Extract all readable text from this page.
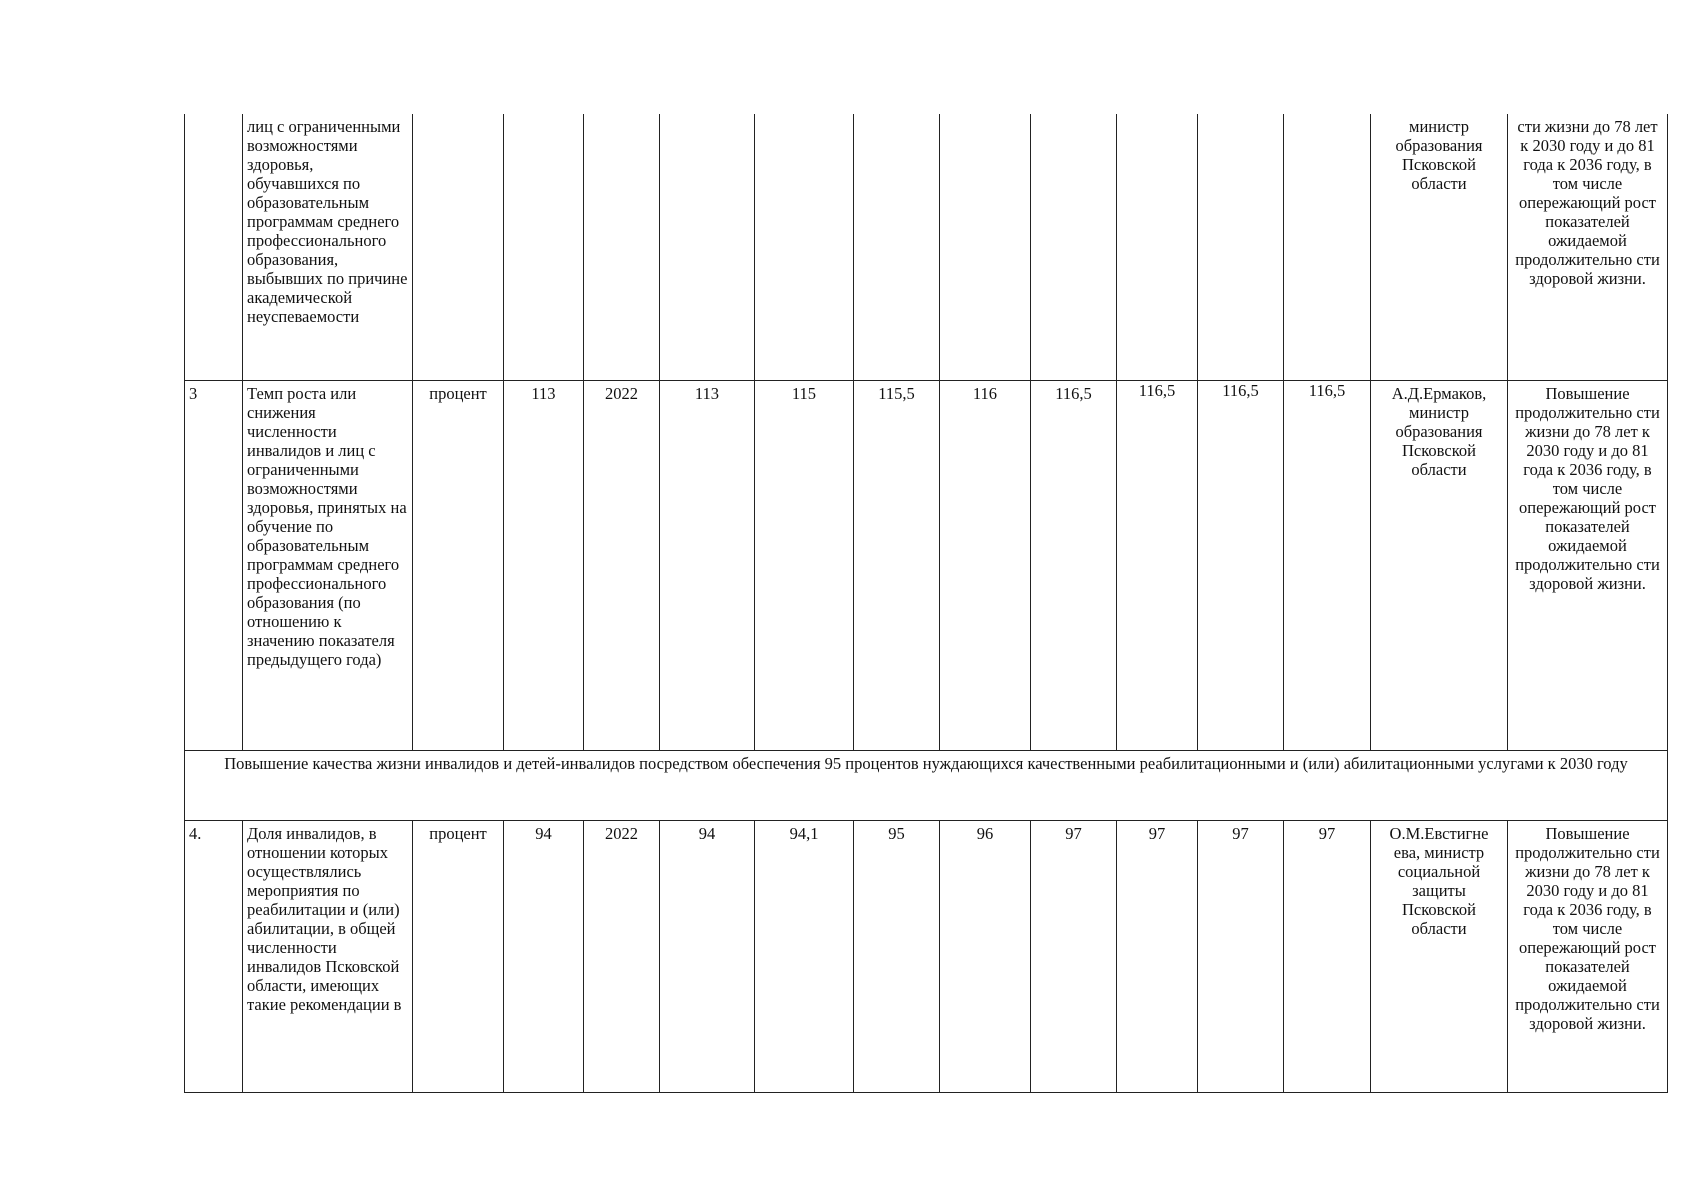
	лиц с ограниченными возможностями здоровья, обучавшихся по образовательным программам среднего профессионального образования, выбывших по причине академической неуспеваемости												министр образования Псковской области	сти жизни до 78 лет к 2030 году и до 81 года к 2036 году, в том числе опережающий рост показателей ожидаемой продолжительно сти здоровой жизни.
3	Темп роста или снижения численности инвалидов и лиц с ограниченными возможностями здоровья, принятых на обучение по образовательным программам среднего профессионального образования (по отношению к значению показателя предыдущего года)	процент	113	2022	113	115	115,5	116	116,5	116,5	116,5	116,5	А.Д.Ермаков, министр образования Псковской области	Повышение продолжительно сти жизни до 78 лет к 2030 году и до 81 года к 2036 году, в том числе опережающий рост показателей ожидаемой продолжительно сти здоровой жизни.
Повышение качества жизни инвалидов и детей-инвалидов посредством обеспечения 95 процентов нуждающихся качественными реабилитационными и (или) абилитационными услугами к 2030 году														
4.	Доля инвалидов, в отношении которых осуществлялись мероприятия по реабилитации и (или) абилитации, в общей численности инвалидов Псковской области, имеющих такие рекомендации в	процент	94	2022	94	94,1	95	96	97	97	97	97	О.М.Евстигне ева, министр социальной защиты Псковской области	Повышение продолжительно сти жизни до 78 лет к 2030 году и до 81 года к 2036 году, в том числе опережающий рост показателей ожидаемой продолжительно сти здоровой жизни.
